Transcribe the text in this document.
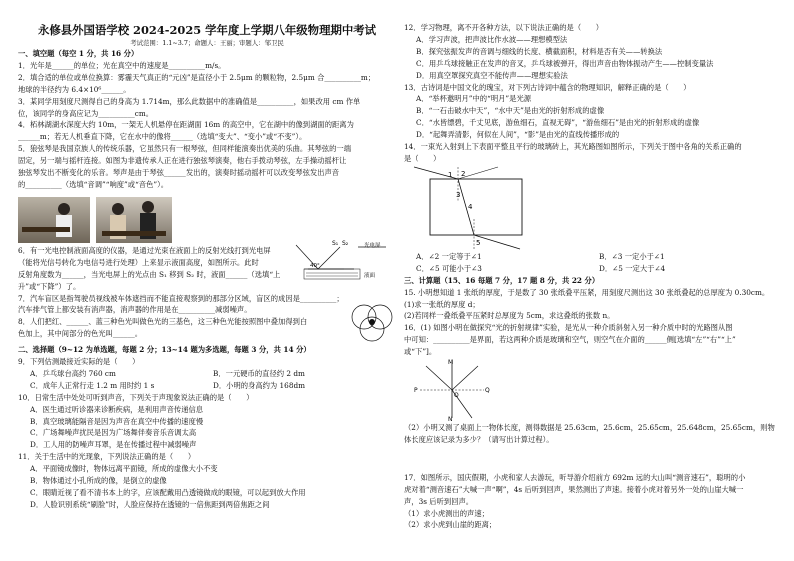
永修县外国语学校 2024-2025 学年度上学期八年级物理期中考试
考试范围：1.1~3.7；命题人：王丽；审题人：邹卫民
一、填空题（每空 1 分，共 16 分）
1．光年是______的单位；光在真空中的速度是__________m/s。
2．填合适的单位或单位换算：雾霾天气真正的“元凶”是直径小于 2.5μm 的颗粒物，2.5μm 合__________m；
地球的半径约为 6.4×10⁶______。
3．某同学用刻度尺测得自己的身高为 1.714m，那么此数据中的准确值是__________，如果改用 cm 作单
位，该同学的身高应记为__________cm。
4．柘林湖湖水深度大约 10m，一架无人机悬停在距湖面 16m 的高空中，它在湖中的像到湖面的距离为
______m；若无人机垂直下降，它在水中的像将______（选填“变大”、“变小”或“不变”）。
5．狼弦琴是我国京族人的传统乐器，它虽然只有一根琴弦，但同样能演奏出优美的乐曲。其琴弦的一端
固定，另一端与摇杆连接。如图为非遗传承人正在进行独弦琴演奏，他右手拨动琴弦，左手操动摇杆让
独弦琴发出不断变化的乐音。琴声是由于琴弦______发出的，演奏时摇动摇杆可以改变琴弦发出声音
的__________（选填“音调”“响度”或“音色”）。
6．有一光电控制液面高度的仪器，是通过光束在液面上的反射光线打到光电屏
（能将光信号转化为电信号进行处理）上来显示液面高度，如图所示。此时
反射角度数为______，当光电屏上的光点由 S₁ 移到 S₂ 时，液面______（选填“上
升”或“下降”）了。
S₁ S₂	光电屏
40°
液面
7．汽车盲区是指驾驶员视线被车体遮挡而不能直接观察到的那部分区域，盲区的成因是__________；
汽车排气管上都安装有消声器，消声器的作用是在__________减弱噪声。
8．人们把红、______、蓝三种色光叫做色光的三基色，这三种色光能按照图中叠加得到白
色加上，其中间部分的色光叫______。
二、选择题（9~12 为单选题，每题 2 分；13~14 题为多选题，每题 3 分，共 14 分）
9．下列估测最接近实际的是（　　）
A．乒乓球台高约 760 cm	B．一元硬币的直径约 2 dm
C．成年人正常行走 1.2 m 用时约 1 s	D．小明的身高约为 168dm
10．日常生活中处处可听到声音，下列关于声现象说法正确的是（　　）
A．医生通过听诊器来诊断疾病，是利用声音传递信息
B．真空玻璃能隔音是因为声音在真空中传播的速度慢
C．广场舞噪声扰民是因为广场舞伴奏音乐音调太高
D．工人用的防噪声耳罩，是在传播过程中减弱噪声
11．关于生活中的光现象，下列说法正确的是（　　）
A．平面镜成像时，物体远离平面镜，所成的虚像大小不变
B．物体通过小孔所成的像，是倒立的虚像
C．眼睛近视了看不清书本上的字，应该配戴用凸透镜做成的眼镜，可以起到放大作用
D．人脸识别系统“刷脸”时，人脸应保持在透镜的一倍焦距到两倍焦距之间
12．学习物理，离不开各种方法，以下说法正确的是（　　）
A．学习声波，把声波比作水波——理想模型法
B．探究弦振发声的音调与细线的长度、横截面积，材料是否有关——转换法
C．用乒乓球接触正在发声的音叉，乒乓球被弹开，得出声音由物体振动产生——控制变量法
D．用真空罩探究真空不能传声——理想实验法
13．古诗词是中国文化的瑰宝，对下列古诗词中蕴含的物理知识，解释正确的是（　　）
A．“举杯邀明月”中的“明月”是光源
B．“一石击破水中天”，“水中天”是由光的折射形成的虚像
C．“水皆缥碧，千丈见底，游鱼细石，直视无碍”，“游鱼细石”是由光的折射形成的虚像
D．“起舞弄清影，何似在人间”，“影”是由光的直线传播形成的
14．一束光入射到上下表面平整且平行的玻璃砖上，其光路图如图所示，下列关于图中各角的关系正确的
是（　　）
1 2
3
4
5
A．∠2 一定等于∠1	B．∠3 一定小于∠1
C．∠5 可能小于∠3	D．∠5 一定大于∠4
三、计算题（15、16 每题 7 分，17 题 8 分，共 22 分）
15. 小明想知道 1 张纸的厚度，于是数了 30 张纸叠平压紧，用刻度尺测出这 30 张纸叠起的总厚度为 0.30cm。
(1)求一张纸的厚度 d；
(2)若同样一叠纸叠平压紧时总厚度为 5cm，求这叠纸的张数 n。
16．(1) 如图小明在做探究“光的折射规律”实验，是光从一种介质斜射入另一种介质中时的光路图从图
中可知：__________是界面，若这两种介质是玻璃和空气，则空气在介面的______侧[选填“左”“右”“上”
或“下”]。
M
N
P	Q
O
（2）小明又测了桌面上一物体长度，测得数据是 25.63cm，25.6cm，25.65cm，25.648cm，25.65cm，则物
体长度应该记录为多少？（请写出计算过程）。
17．如图所示，国庆假期，小虎和家人去游玩，听导游介绍前方 692m 远的大山叫“测音速石”，聪明的小
虎对着“测音速石”大喊一声“啊”，4s 后听到回声，果然测出了声速。接着小虎对着另外一处的山崖大喊一
声，3s 后听到回声。
（1）求小虎测出的声速；
（2）求小虎到山崖的距离；
